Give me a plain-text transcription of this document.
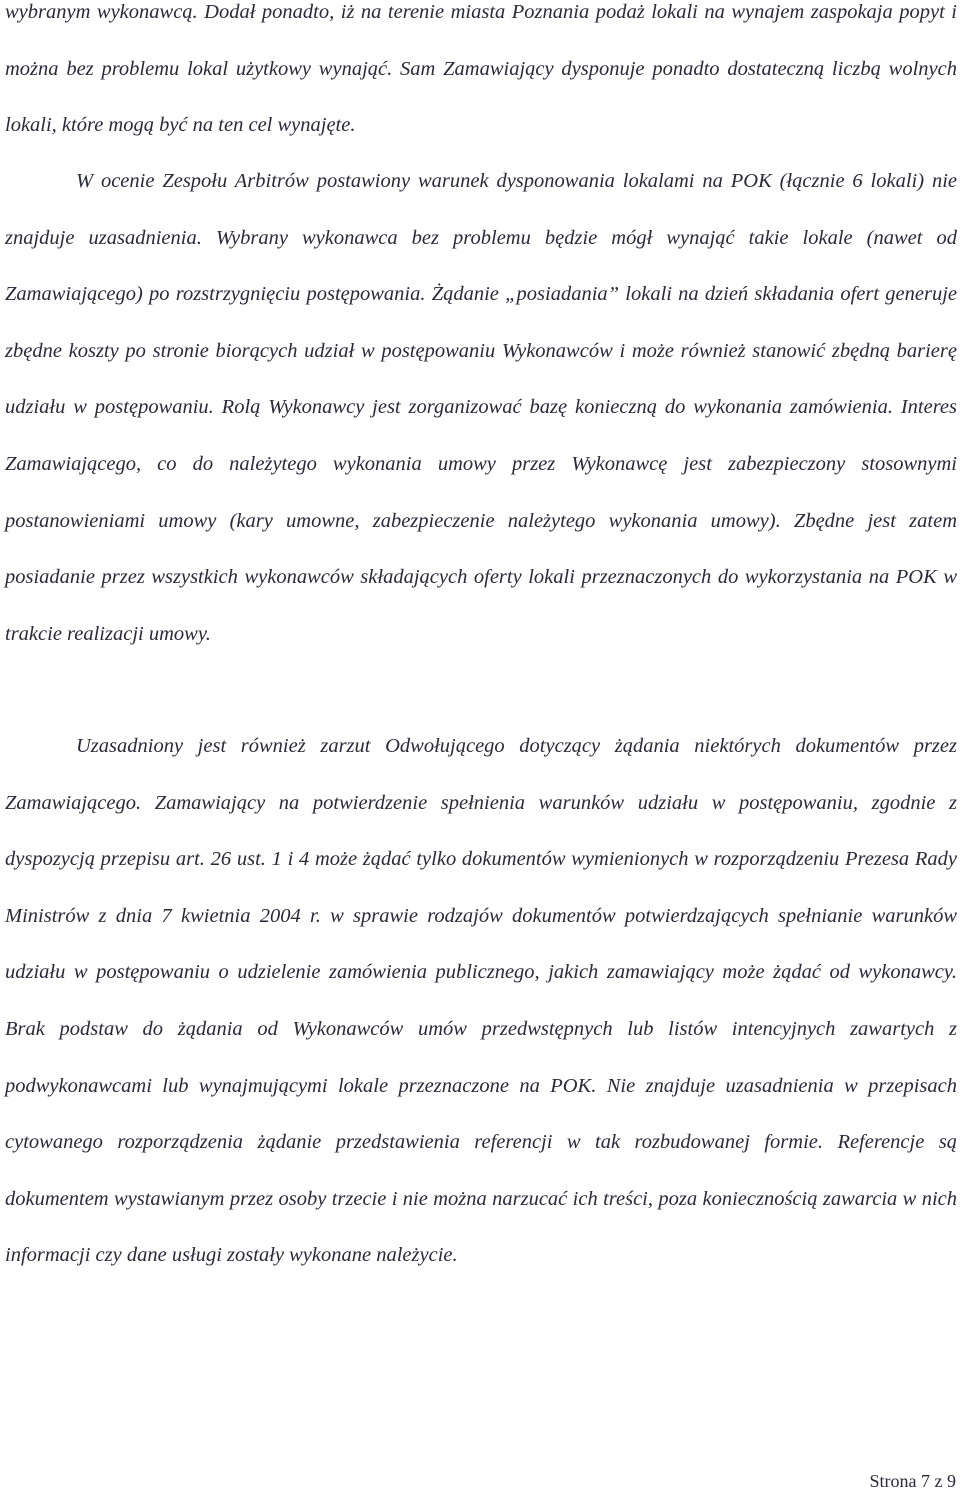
wybranym wykonawcą. Dodał ponadto, iż na terenie miasta Poznania podaż lokali na wynajem zaspokaja popyt i można bez problemu lokal użytkowy wynająć. Sam Zamawiający dysponuje ponadto dostateczną liczbą wolnych lokali, które mogą być na ten cel wynajęte.

W ocenie Zespołu Arbitrów postawiony warunek dysponowania lokalami na POK (łącznie 6 lokali) nie znajduje uzasadnienia. Wybrany wykonawca bez problemu będzie mógł wynająć takie lokale (nawet od Zamawiającego) po rozstrzygnięciu postępowania. Żądanie „posiadania” lokali na dzień składania ofert generuje zbędne koszty po stronie biorących udział w postępowaniu Wykonawców i może również stanowić zbędną barierę udziału w postępowaniu. Rolą Wykonawcy jest zorganizować bazę konieczną do wykonania zamówienia. Interes Zamawiającego, co do należytego wykonania umowy przez Wykonawcę jest zabezpieczony stosownymi postanowieniami umowy (kary umowne, zabezpieczenie należytego wykonania umowy). Zbędne jest zatem posiadanie przez wszystkich wykonawców składających oferty lokali przeznaczonych do wykorzystania na POK w trakcie realizacji umowy.

Uzasadniony jest również zarzut Odwołującego dotyczący żądania niektórych dokumentów przez Zamawiającego. Zamawiający na potwierdzenie spełnienia warunków udziału w postępowaniu, zgodnie z dyspozycją przepisu art. 26 ust. 1 i 4 może żądać tylko dokumentów wymienionych w rozporządzeniu Prezesa Rady Ministrów z dnia 7 kwietnia 2004 r. w sprawie rodzajów dokumentów potwierdzających spełnianie warunków udziału w postępowaniu o udzielenie zamówienia publicznego, jakich zamawiający może żądać od wykonawcy. Brak podstaw do żądania od Wykonawców umów przedwstępnych lub listów intencyjnych zawartych z podwykonawcami lub wynajmującymi lokale przeznaczone na POK. Nie znajduje uzasadnienia w przepisach cytowanego rozporządzenia żądanie przedstawienia referencji w tak rozbudowanej formie. Referencje są dokumentem wystawianym przez osoby trzecie i nie można narzucać ich treści, poza koniecznością zawarcia w nich informacji czy dane usługi zostały wykonane należycie.

Strona 7 z 9
